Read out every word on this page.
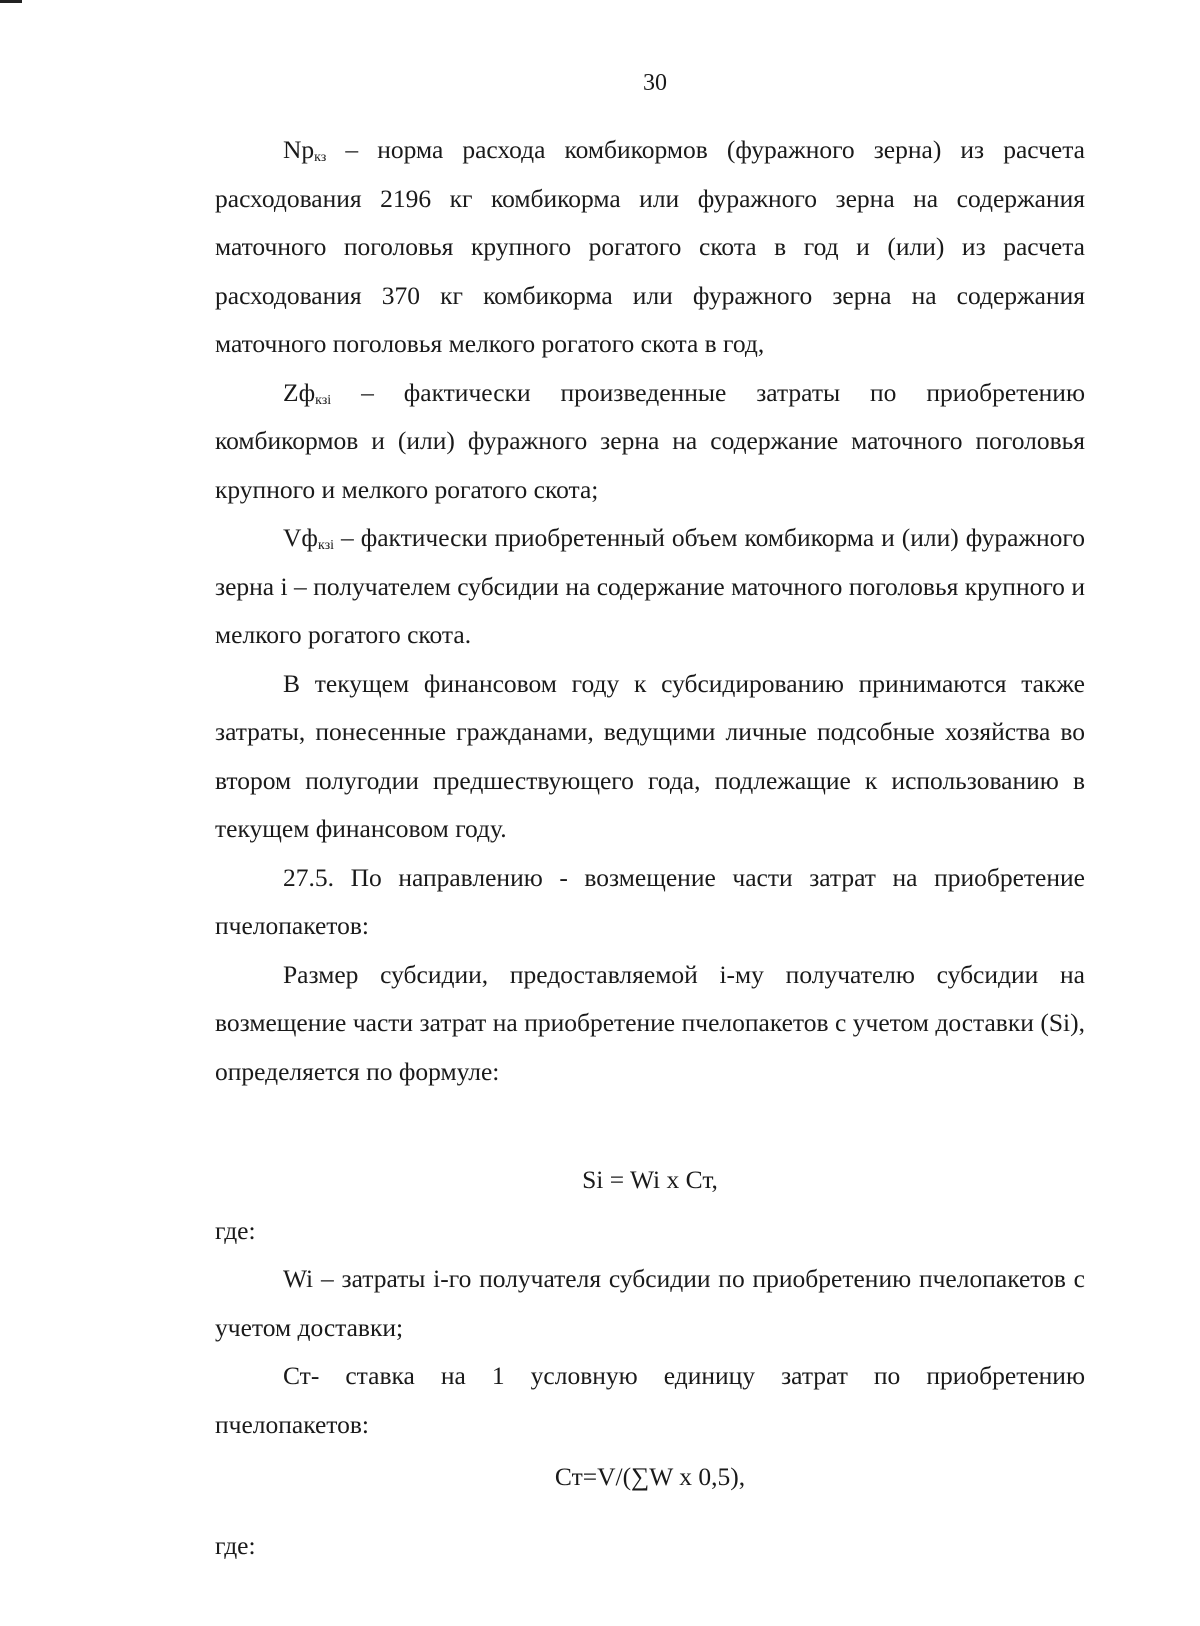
30

$Np_{кз}$ – норма расхода комбикормов (фуражного зерна) из расчета расходования 2196 кг комбикорма или фуражного зерна на содержания маточного поголовья крупного рогатого скота в год и (или) из расчета расходования 370 кг комбикорма или фуражного зерна на содержания маточного поголовья мелкого рогатого скота в год,

$Zф_{кзi}$ – фактически произведенные затраты по приобретению комбикормов и (или) фуражного зерна на содержание маточного поголовья крупного и мелкого рогатого скота;

$Vф_{кзi}$ – фактически приобретенный объем комбикорма и (или) фуражного зерна i – получателем субсидии на содержание маточного поголовья крупного и мелкого рогатого скота.

В текущем финансовом году к субсидированию принимаются также затраты, понесенные гражданами, ведущими личные подсобные хозяйства во втором полугодии предшествующего года, подлежащие к использованию в текущем финансовом году.

27.5. По направлению - возмещение части затрат на приобретение пчелопакетов:

Размер субсидии, предоставляемой i-му получателю субсидии на возмещение части затрат на приобретение пчелопакетов с учетом доставки (Si), определяется по формуле:

Si = Wi х Ст,

где:

Wi – затраты i-го получателя субсидии по приобретению пчелопакетов с учетом доставки;

Ст- ставка на 1 условную единицу затрат по приобретению пчелопакетов:

Ст=V/(∑W х 0,5),

где:
